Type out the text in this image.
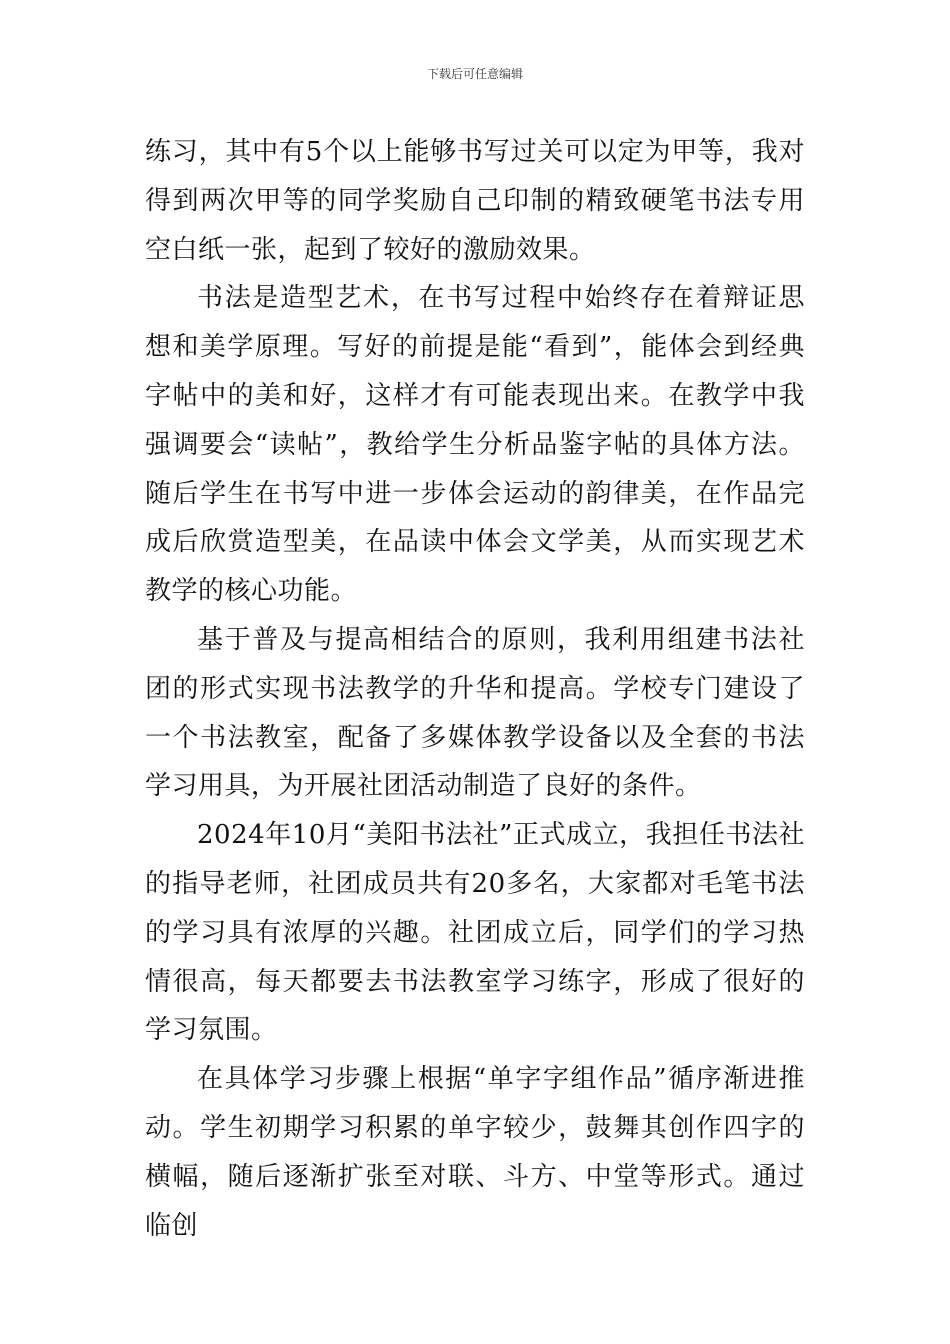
下载后可任意编辑

练习，其中有5个以上能够书写过关可以定为甲等，我对得到两次甲等的同学奖励自己印制的精致硬笔书法专用空白纸一张，起到了较好的激励效果。

书法是造型艺术，在书写过程中始终存在着辩证思想和美学原理。写好的前提是能“看到”，能体会到经典字帖中的美和好，这样才有可能表现出来。在教学中我强调要会“读帖”，教给学生分析品鉴字帖的具体方法。随后学生在书写中进一步体会运动的韵律美，在作品完成后欣赏造型美，在品读中体会文学美，从而实现艺术教学的核心功能。

基于普及与提高相结合的原则，我利用组建书法社团的形式实现书法教学的升华和提高。学校专门建设了一个书法教室，配备了多媒体教学设备以及全套的书法学习用具，为开展社团活动制造了良好的条件。

2024年10月“美阳书法社”正式成立，我担任书法社的指导老师，社团成员共有20多名，大家都对毛笔书法的学习具有浓厚的兴趣。社团成立后，同学们的学习热情很高，每天都要去书法教室学习练字，形成了很好的学习氛围。

在具体学习步骤上根据“单字字组作品”循序渐进推动。学生初期学习积累的单字较少，鼓舞其创作四字的横幅，随后逐渐扩张至对联、斗方、中堂等形式。通过临创
